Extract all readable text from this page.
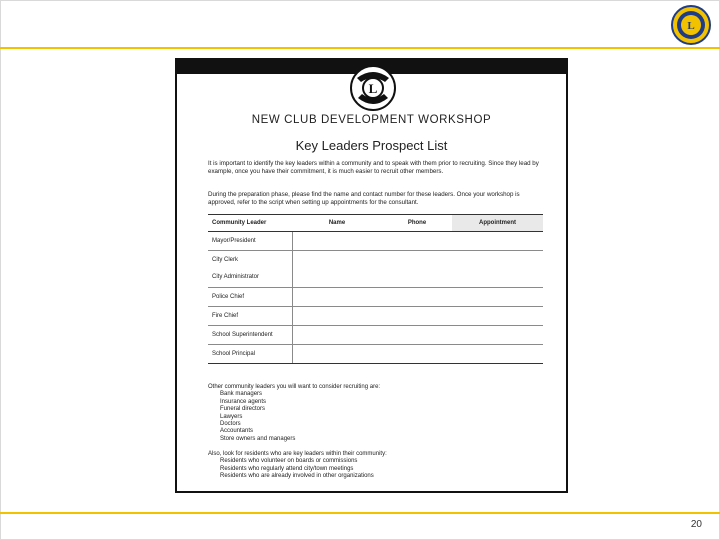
L
20
L
NEW CLUB DEVELOPMENT WORKSHOP
Key Leaders Prospect List
It is important to identify the key leaders within a community and to speak with them prior to recruiting. Since they lead by example, once you have their commitment, it is much easier to recruit other members.
During the preparation phase, please find the name and contact number for these leaders. Once your workshop is approved, refer to the script when setting up appointments for the consultant.
Community Leader	Name	Phone	Appointment
Mayor/President			

City Clerk
City Administrator			

Police Chief			
Fire Chief			
School Superintendent			
School Principal			
Other community leaders you will want to consider recruiting are:
Bank managers
Insurance agents
Funeral directors
Lawyers
Doctors
Accountants
Store owners and managers
Also, look for residents who are key leaders within their community:
Residents who volunteer on boards or commissions
Residents who regularly attend city/town meetings
Residents who are already involved in other organizations
